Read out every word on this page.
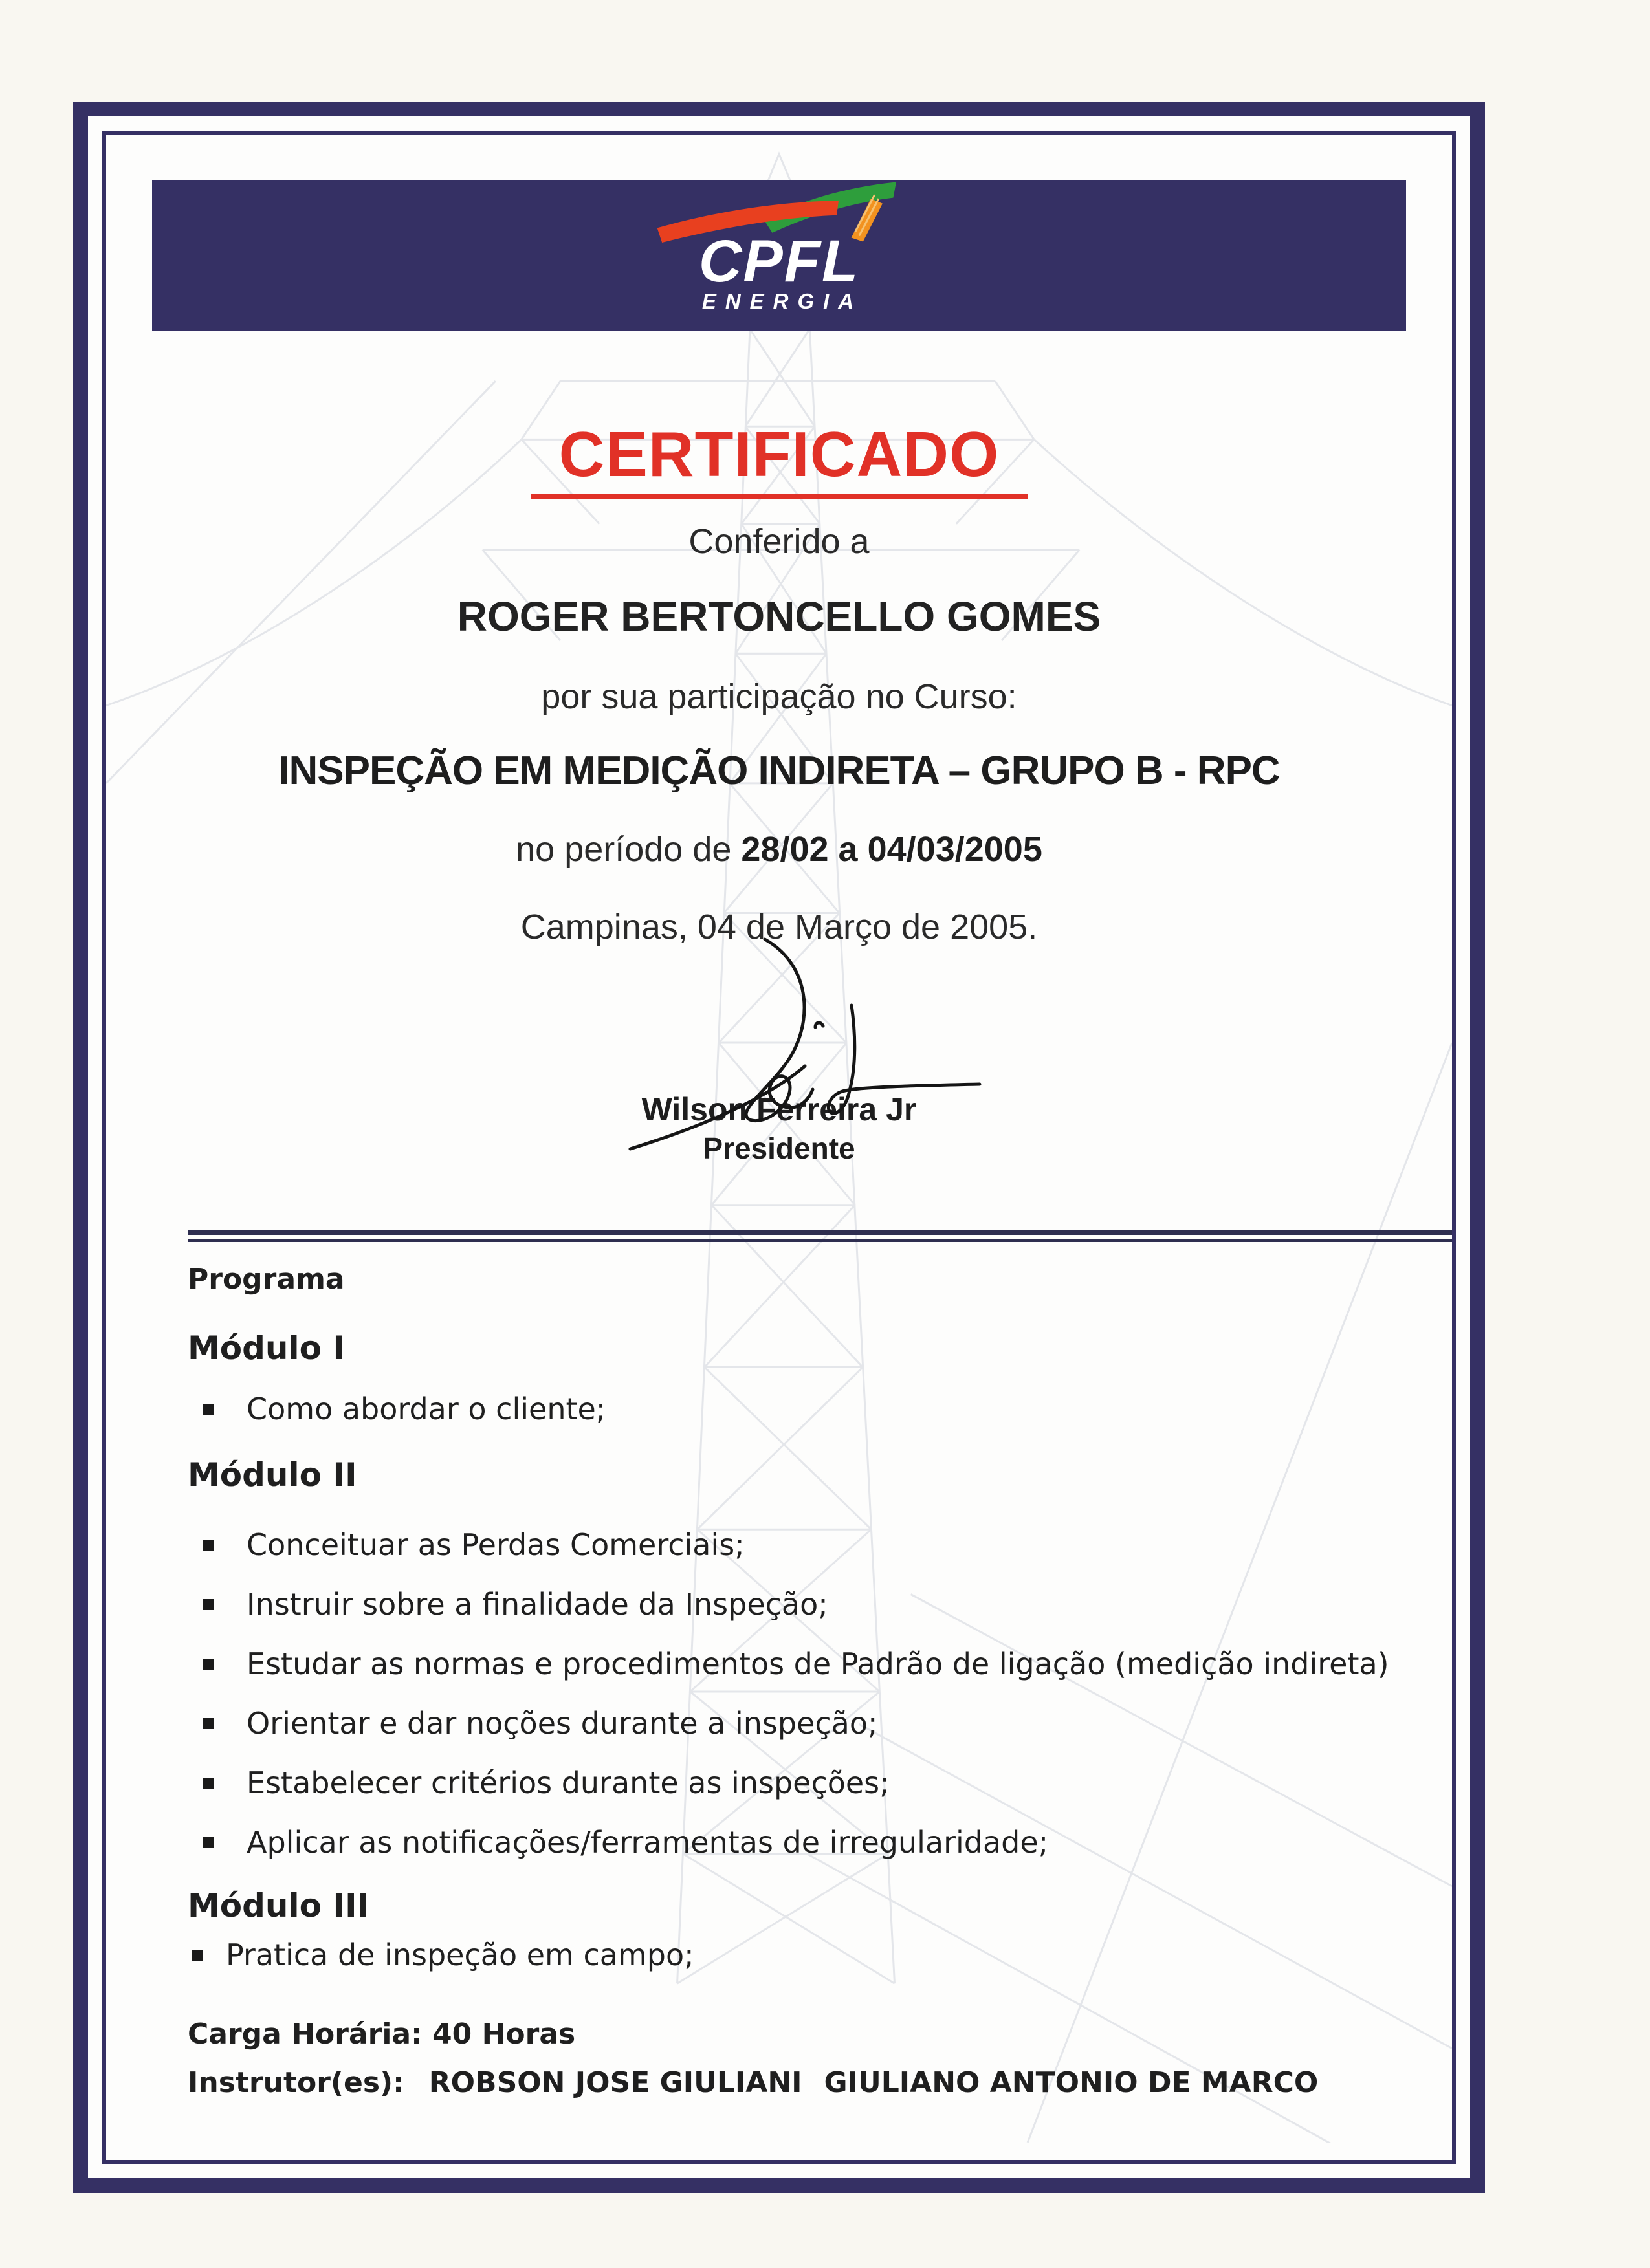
CPFL
ENERGIA
CERTIFICADO
Conferido a
ROGER BERTONCELLO GOMES
por sua participação no Curso:
INSPEÇÃO EM MEDIÇÃO INDIRETA – GRUPO B - RPC
no período de 28/02 a 04/03/2005
Campinas, 04 de Março de 2005.
Wilson Ferreira Jr
Presidente
Programa
Módulo I
Como abordar o cliente;
Módulo II
Conceituar as Perdas Comerciais;
Instruir sobre a finalidade da Inspeção;
Estudar as normas e procedimentos de Padrão de ligação (medição indireta)
Orientar e dar noções durante a inspeção;
Estabelecer critérios durante as inspeções;
Aplicar as notificações/ferramentas de irregularidade;
Módulo III
Pratica de inspeção em campo;
Carga Horária: 40 Horas
Instrutor(es): ROBSON JOSE GIULIANI GIULIANO ANTONIO DE MARCO
